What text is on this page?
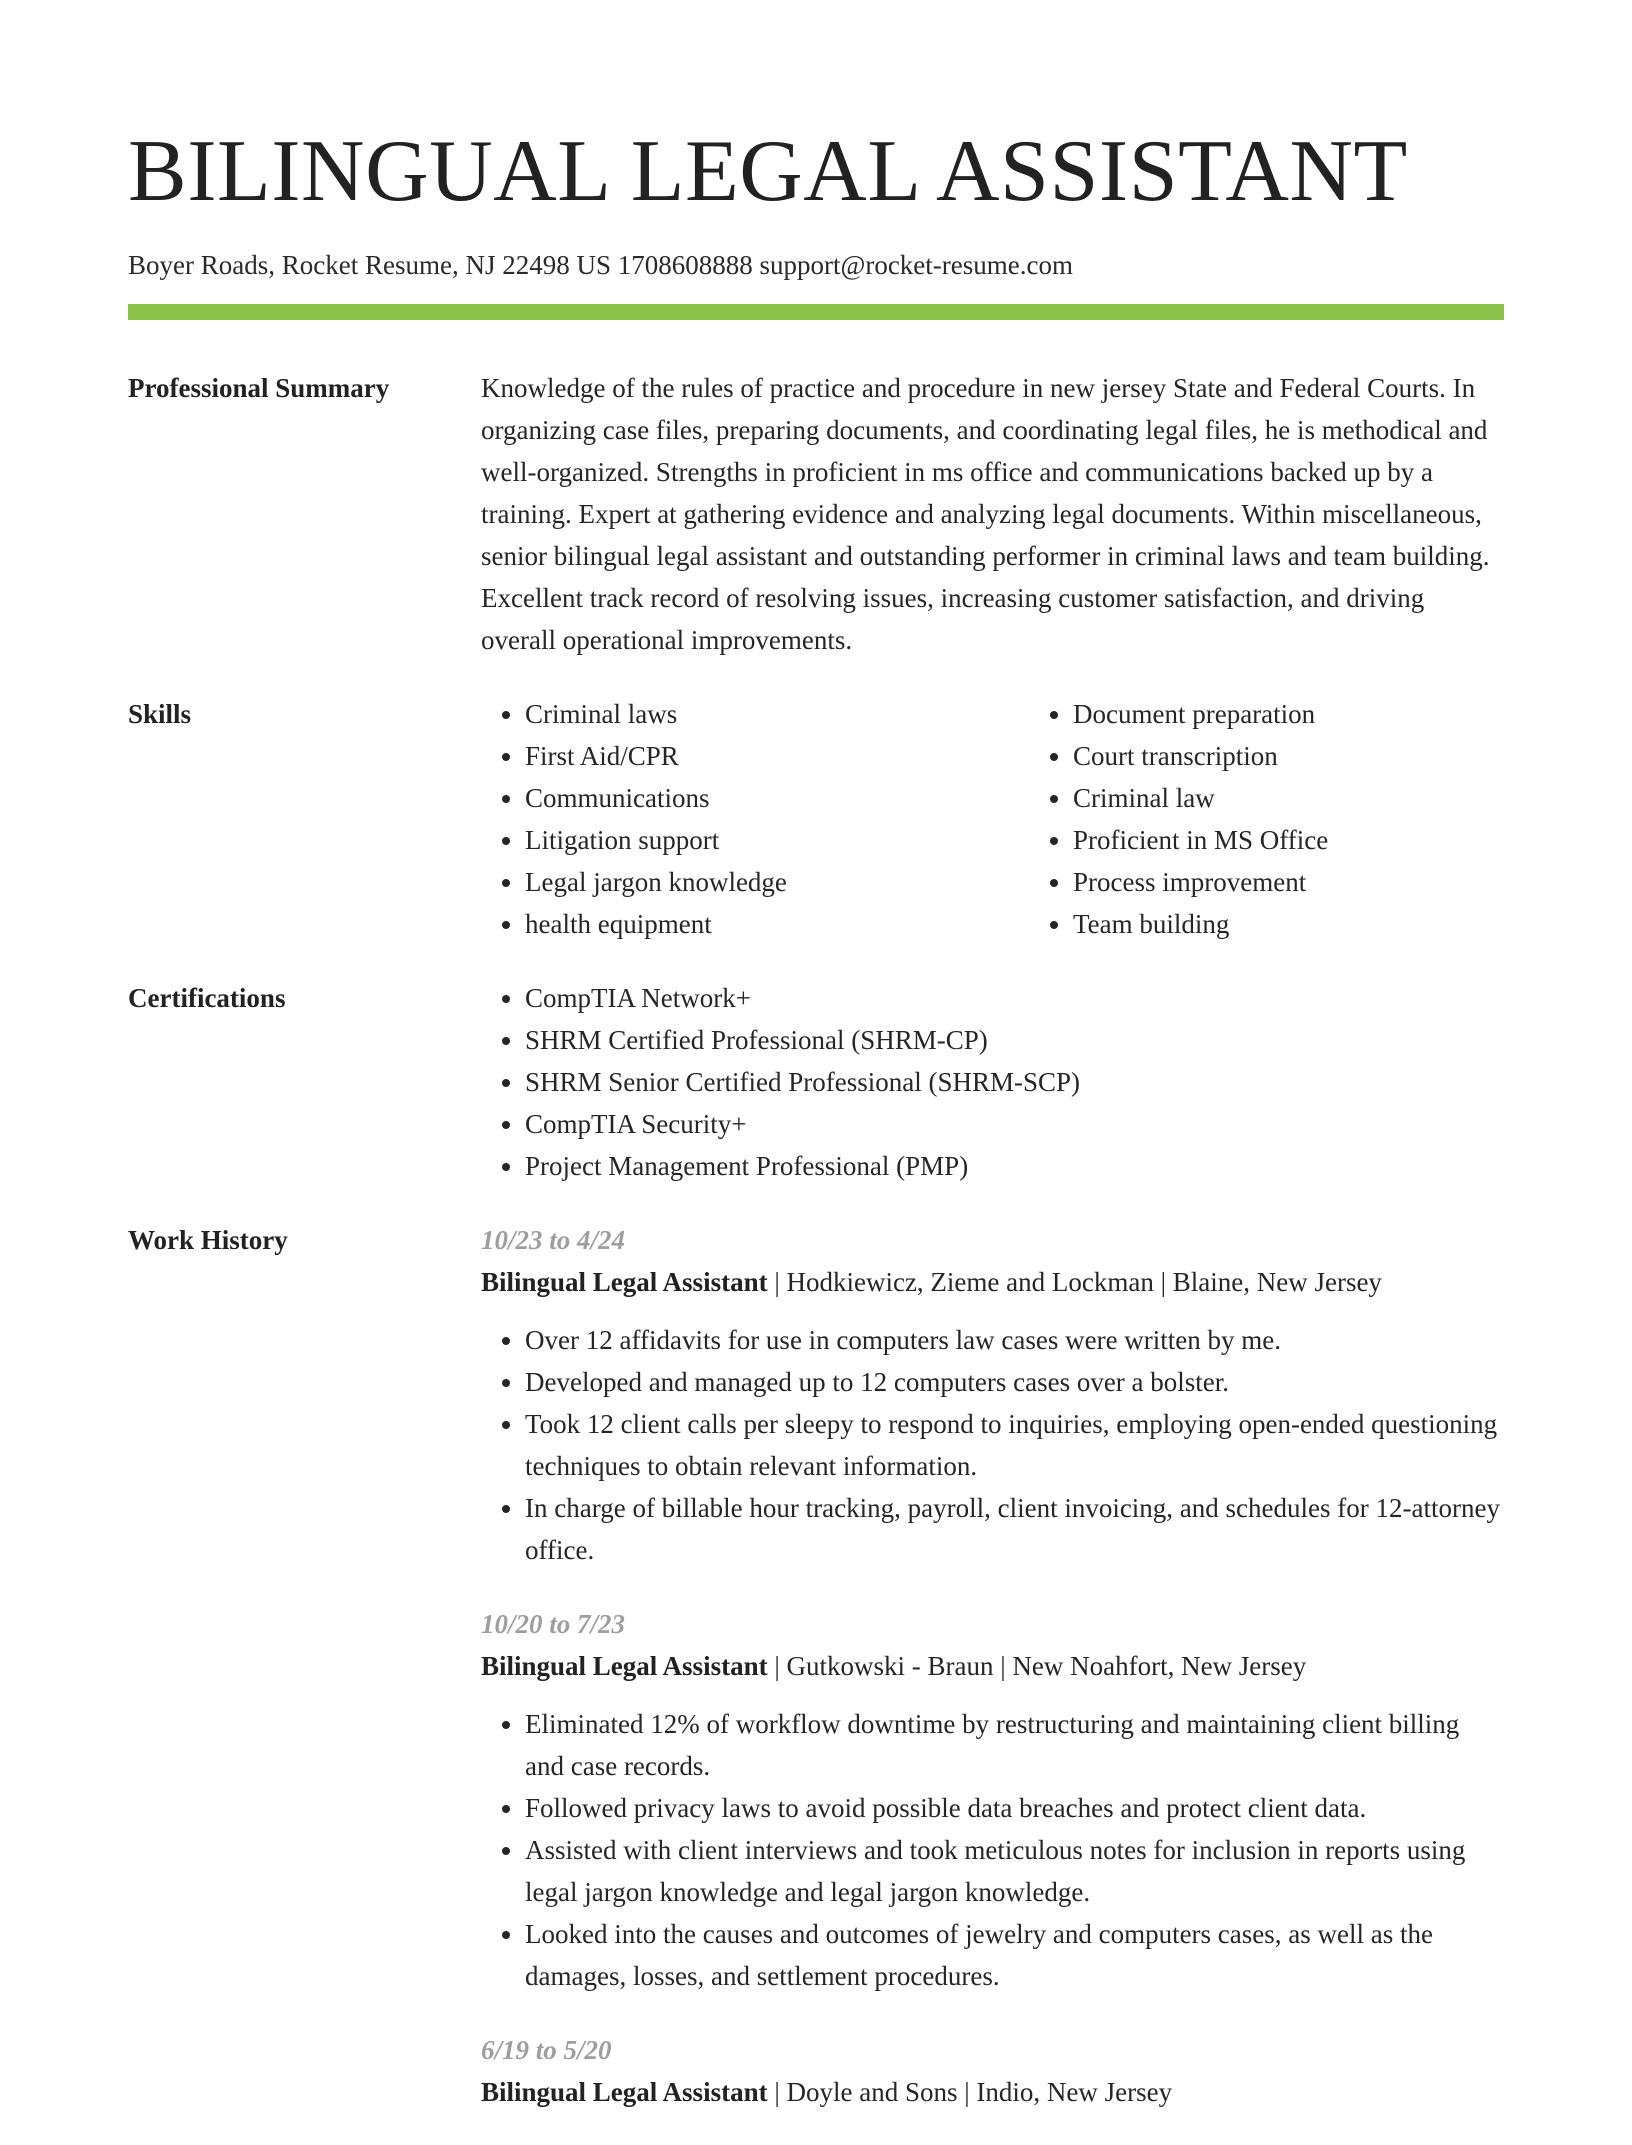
BILINGUAL LEGAL ASSISTANT
Boyer Roads, Rocket Resume, NJ 22498 US 1708608888 support@rocket-resume.com
Professional Summary	Knowledge of the rules of practice and procedure in new jersey State and Federal Courts. In organizing case files, preparing documents, and coordinating legal files, he is methodical and well-organized. Strengths in proficient in ms office and communications backed up by a training. Expert at gathering evidence and analyzing legal documents. Within miscellaneous, senior bilingual legal assistant and outstanding performer in criminal laws and team building. Excellent track record of resolving issues, increasing customer satisfaction, and driving overall operational improvements.

Skills	• Criminal laws
• First Aid/CPR
• Communications
• Litigation support
• Legal jargon knowledge
• health equipment
• Document preparation
• Court transcription
• Criminal law
• Proficient in MS Office
• Process improvement
• Team building
Certifications	• CompTIA Network+
• SHRM Certified Professional (SHRM-CP)
• SHRM Senior Certified Professional (SHRM-SCP)
• CompTIA Security+
• Project Management Professional (PMP)
Work History	10/23 to 4/24
Bilingual Legal Assistant | Hodkiewicz, Zieme and Lockman | Blaine, New Jersey
• Over 12 affidavits for use in computers law cases were written by me.
• Developed and managed up to 12 computers cases over a bolster.
• Took 12 client calls per sleepy to respond to inquiries, employing open-ended questioning techniques to obtain relevant information.
• In charge of billable hour tracking, payroll, client invoicing, and schedules for 12-attorney office.
10/20 to 7/23
Bilingual Legal Assistant | Gutkowski - Braun | New Noahfort, New Jersey
• Eliminated 12% of workflow downtime by restructuring and maintaining client billing and case records.
• Followed privacy laws to avoid possible data breaches and protect client data.
• Assisted with client interviews and took meticulous notes for inclusion in reports using legal jargon knowledge and legal jargon knowledge.
• Looked into the causes and outcomes of jewelry and computers cases, as well as the damages, losses, and settlement procedures.
6/19 to 5/20
Bilingual Legal Assistant | Doyle and Sons | Indio, New Jersey
